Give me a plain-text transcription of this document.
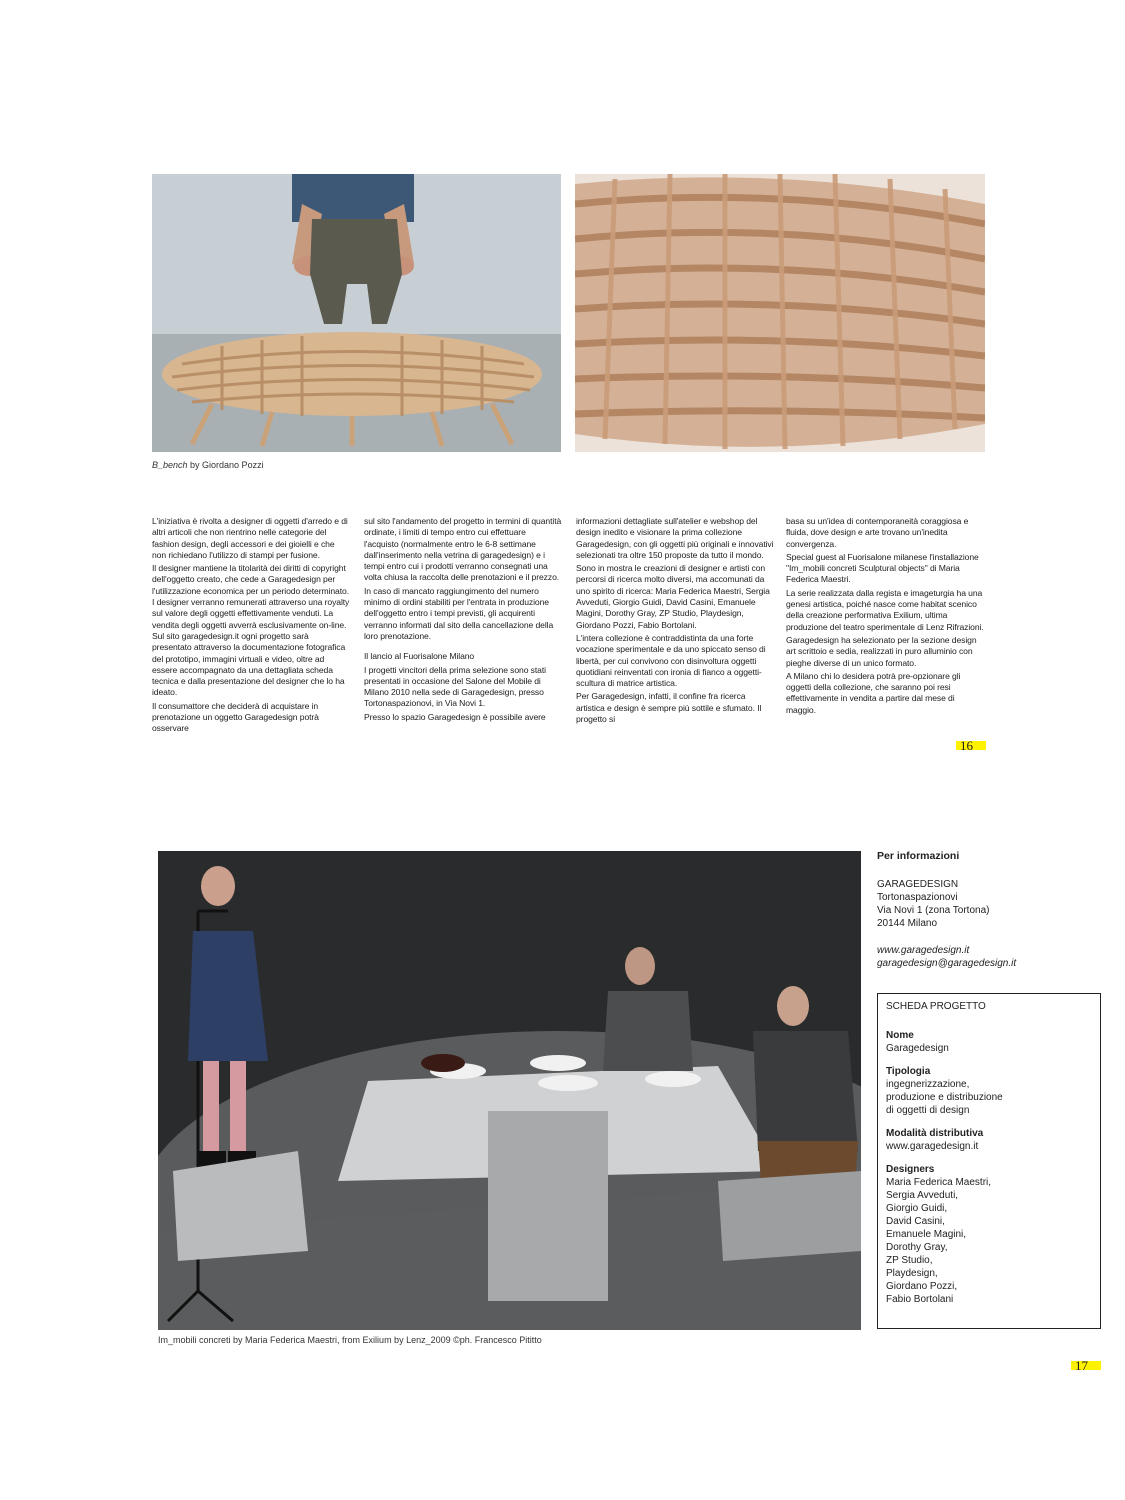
B_bench by Giordano Pozzi

L'iniziativa è rivolta a designer di oggetti d'arredo e di altri articoli che non rientrino nelle categorie del fashion design, degli accessori e dei gioielli e che non richiedano l'utilizzo di stampi per fusione.

Il designer mantiene la titolarità dei diritti di copyright dell'oggetto creato, che cede a Garagedesign per l'utilizzazione economica per un periodo determinato. I designer verranno remunerati attraverso una royalty sul valore degli oggetti effettivamente venduti. La vendita degli oggetti avverrà esclusivamente on-line. Sul sito garagedesign.it ogni progetto sarà presentato attraverso la documentazione fotografica del prototipo, immagini virtuali e video, oltre ad essere accompagnato da una dettagliata scheda tecnica e dalla presentazione del designer che lo ha ideato.

Il consumattore che deciderà di acquistare in prenotazione un oggetto Garagedesign potrà osservare

sul sito l'andamento del progetto in termini di quantità ordinate, i limiti di tempo entro cui effettuare l'acquisto (normalmente entro le 6-8 settimane dall'inserimento nella vetrina di garagedesign) e i tempi entro cui i prodotti verranno consegnati una volta chiusa la raccolta delle prenotazioni e il prezzo.

In caso di mancato raggiungimento del numero minimo di ordini stabiliti per l'entrata in produzione dell'oggetto entro i tempi previsti, gli acquirenti verranno informati dal sito della cancellazione della loro prenotazione.

Il lancio al Fuorisalone Milano

I progetti vincitori della prima selezione sono stati presentati in occasione del Salone del Mobile di Milano 2010 nella sede di Garagedesign, presso Tortonaspazionovi, in Via Novi 1.

Presso lo spazio Garagedesign è possibile avere

informazioni dettagliate sull'atelier e webshop del design inedito e visionare la prima collezione Garagedesign, con gli oggetti più originali e innovativi selezionati tra oltre 150 proposte da tutto il mondo.

Sono in mostra le creazioni di designer e artisti con percorsi di ricerca molto diversi, ma accomunati da uno spirito di ricerca: Maria Federica Maestri, Sergia Avveduti, Giorgio Guidi, David Casini, Emanuele Magini, Dorothy Gray, ZP Studio, Playdesign, Giordano Pozzi, Fabio Bortolani.

L'intera collezione è contraddistinta da una forte vocazione sperimentale e da uno spiccato senso di libertà, per cui convivono con disinvoltura oggetti quotidiani reinventati con ironia di fianco a oggetti-scultura di matrice artistica.

Per Garagedesign, infatti, il confine fra ricerca artistica e design è sempre più sottile e sfumato. Il progetto si

basa su un'idea di contemporaneità coraggiosa e fluida, dove design e arte trovano un'inedita convergenza.

Special guest al Fuorisalone milanese l'installazione "Im_mobili concreti Sculptural objects" di Maria Federica Maestri.

La serie realizzata dalla regista e imageturgia ha una genesi artistica, poiché nasce come habitat scenico della creazione performativa Exilium, ultima produzione del teatro sperimentale di Lenz Rifrazioni.

Garagedesign ha selezionato per la sezione design art scrittoio e sedia, realizzati in puro alluminio con pieghe diverse di un unico formato.

A Milano chi lo desidera potrà pre-opzionare gli oggetti della collezione, che saranno poi resi effettivamente in vendita a partire dal mese di maggio.

16
Im_mobili concreti by Maria Federica Maestri, from Exilium by Lenz_2009 ©ph. Francesco Pititto
Per informazioni
GARAGEDESIGN
Tortonaspazionovi
Via Novi 1 (zona Tortona)
20144 Milano
www.garagedesign.it
garagedesign@garagedesign.it
SCHEDA PROGETTO
Nome
Garagedesign
Tipologia
ingegnerizzazione,
produzione e distribuzione
di oggetti di design
Modalità distributiva
www.garagedesign.it
Designers
Maria Federica Maestri,
Sergia Avveduti,
Giorgio Guidi,
David Casini,
Emanuele Magini,
Dorothy Gray,
ZP Studio,
Playdesign,
Giordano Pozzi,
Fabio Bortolani
17
